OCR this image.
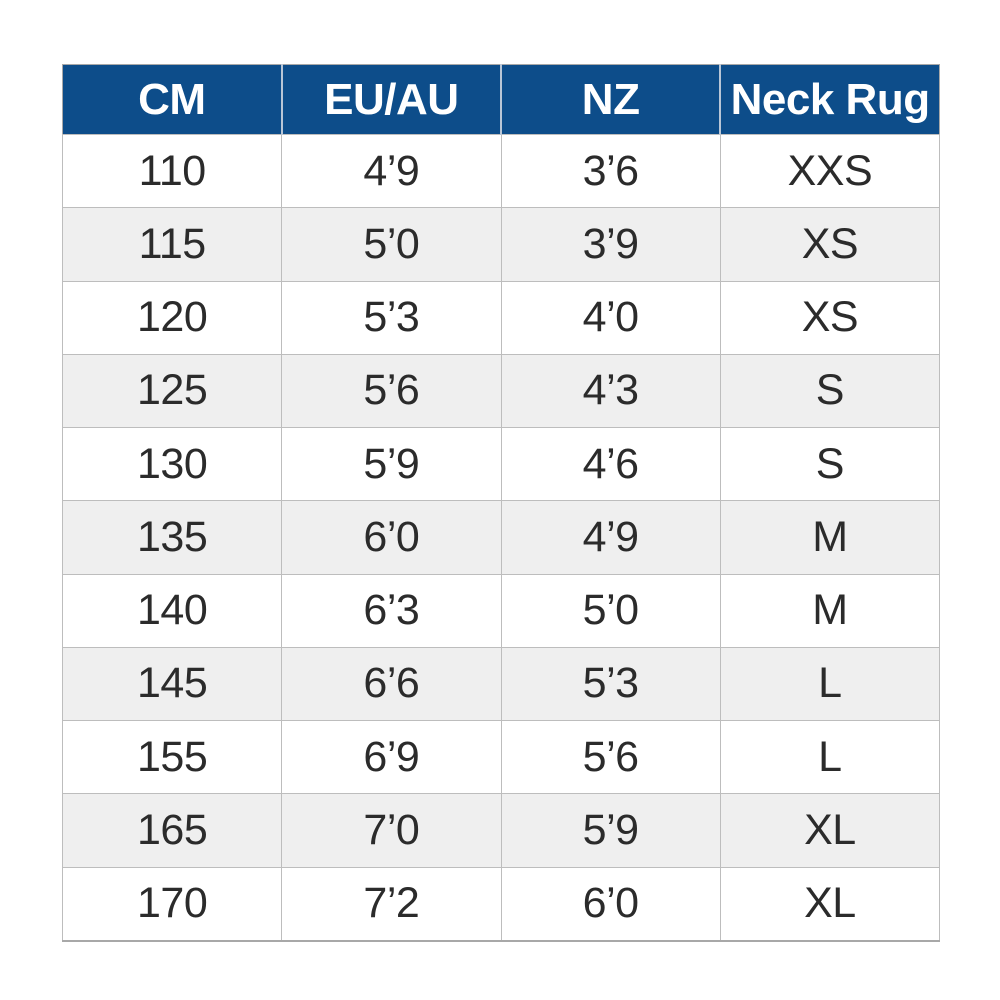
CM	EU/AU	NZ	Neck Rug
110	4’9	3’6	XXS
115	5’0	3’9	XS
120	5’3	4’0	XS
125	5’6	4’3	S
130	5’9	4’6	S
135	6’0	4’9	M
140	6’3	5’0	M
145	6’6	5’3	L
155	6’9	5’6	L
165	7’0	5’9	XL
170	7’2	6’0	XL
